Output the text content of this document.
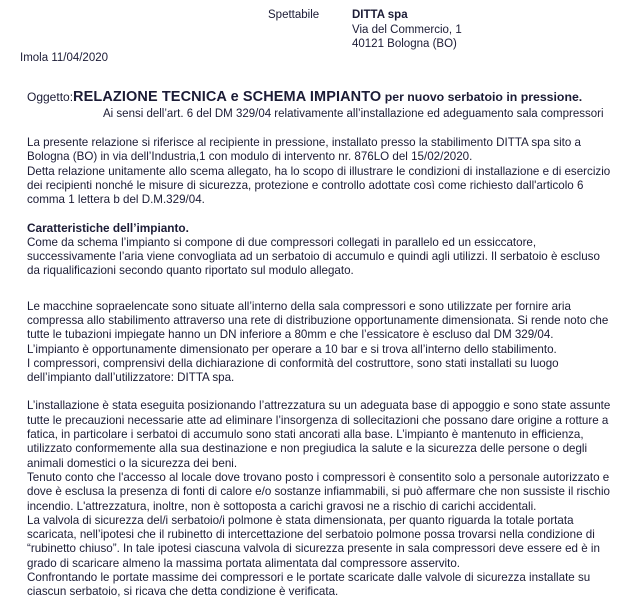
Spettabile	DITTA spa
Via del Commercio, 1
40121 Bologna (BO)
Imola 11/04/2020
Oggetto:RELAZIONE TECNICA e SCHEMA IMPIANTO per nuovo serbatoio in pressione.
Ai sensi dell’art. 6 del DM 329/04 relativamente all’installazione ed adeguamento sala compressori

La presente relazione si riferisce al recipiente in pressione, installato presso la stabilimento DITTA spa sito a Bologna (BO) in via dell’Industria,1 con modulo di intervento nr. 876LO del 15/02/2020.

Detta relazione unitamente allo scema allegato, ha lo scopo di illustrare le condizioni di installazione e di esercizio dei recipienti nonché le misure di sicurezza, protezione e controllo adottate così come richiesto dall'articolo 6 comma 1 lettera b del D.M.329/04.

Caratteristiche dell’impianto.

Come da schema l’impianto si compone di due compressori collegati in parallelo ed un essiccatore, successivamente l’aria viene convogliata ad un serbatoio di accumulo e quindi agli utilizzi. Il serbatoio è escluso da riqualificazioni secondo quanto riportato sul modulo allegato.

Le macchine sopraelencate sono situate all’interno della sala compressori e sono utilizzate per fornire aria compressa allo stabilimento attraverso una rete di distribuzione opportunamente dimensionata. Si rende noto che tutte le tubazioni impiegate hanno un DN inferiore a 80mm e che l’essicatore è escluso dal DM 329/04.

L’impianto è opportunamente dimensionato per operare a 10 bar e si trova all’interno dello stabilimento.

I compressori, comprensivi della dichiarazione di conformità del costruttore, sono stati installati su luogo dell’impianto dall’utilizzatore: DITTA spa.

L’installazione è stata eseguita posizionando l’attrezzatura su un adeguata base di appoggio e sono state assunte tutte le precauzioni necessarie atte ad eliminare l’insorgenza di sollecitazioni che possano dare origine a rotture a fatica, in particolare i serbatoi di accumulo sono stati ancorati alla base. L’impianto è mantenuto in efficienza, utilizzato conformemente alla sua destinazione e non pregiudica la salute e la sicurezza delle persone o degli animali domestici o la sicurezza dei beni.

Tenuto conto che l'accesso al locale dove trovano posto i compressori è consentito solo a personale autorizzato e dove è esclusa la presenza di fonti di calore e/o sostanze infiammabili, si può affermare che non sussiste il rischio incendio. L'attrezzatura, inoltre, non è sottoposta a carichi gravosi ne a rischio di carichi accidentali.

La valvola di sicurezza del/i serbatoio/i polmone è stata dimensionata, per quanto riguarda la totale portata scaricata, nell’ipotesi che il rubinetto di intercettazione del serbatoio polmone possa trovarsi nella condizione di “rubinetto chiuso”. In tale ipotesi ciascuna valvola di sicurezza presente in sala compressori deve essere ed è in grado di scaricare almeno la massima portata alimentata dal compressore asservito.

Confrontando le portate massime dei compressori e le portate scaricate dalle valvole di sicurezza installate su ciascun serbatoio, si ricava che detta condizione è verificata.
